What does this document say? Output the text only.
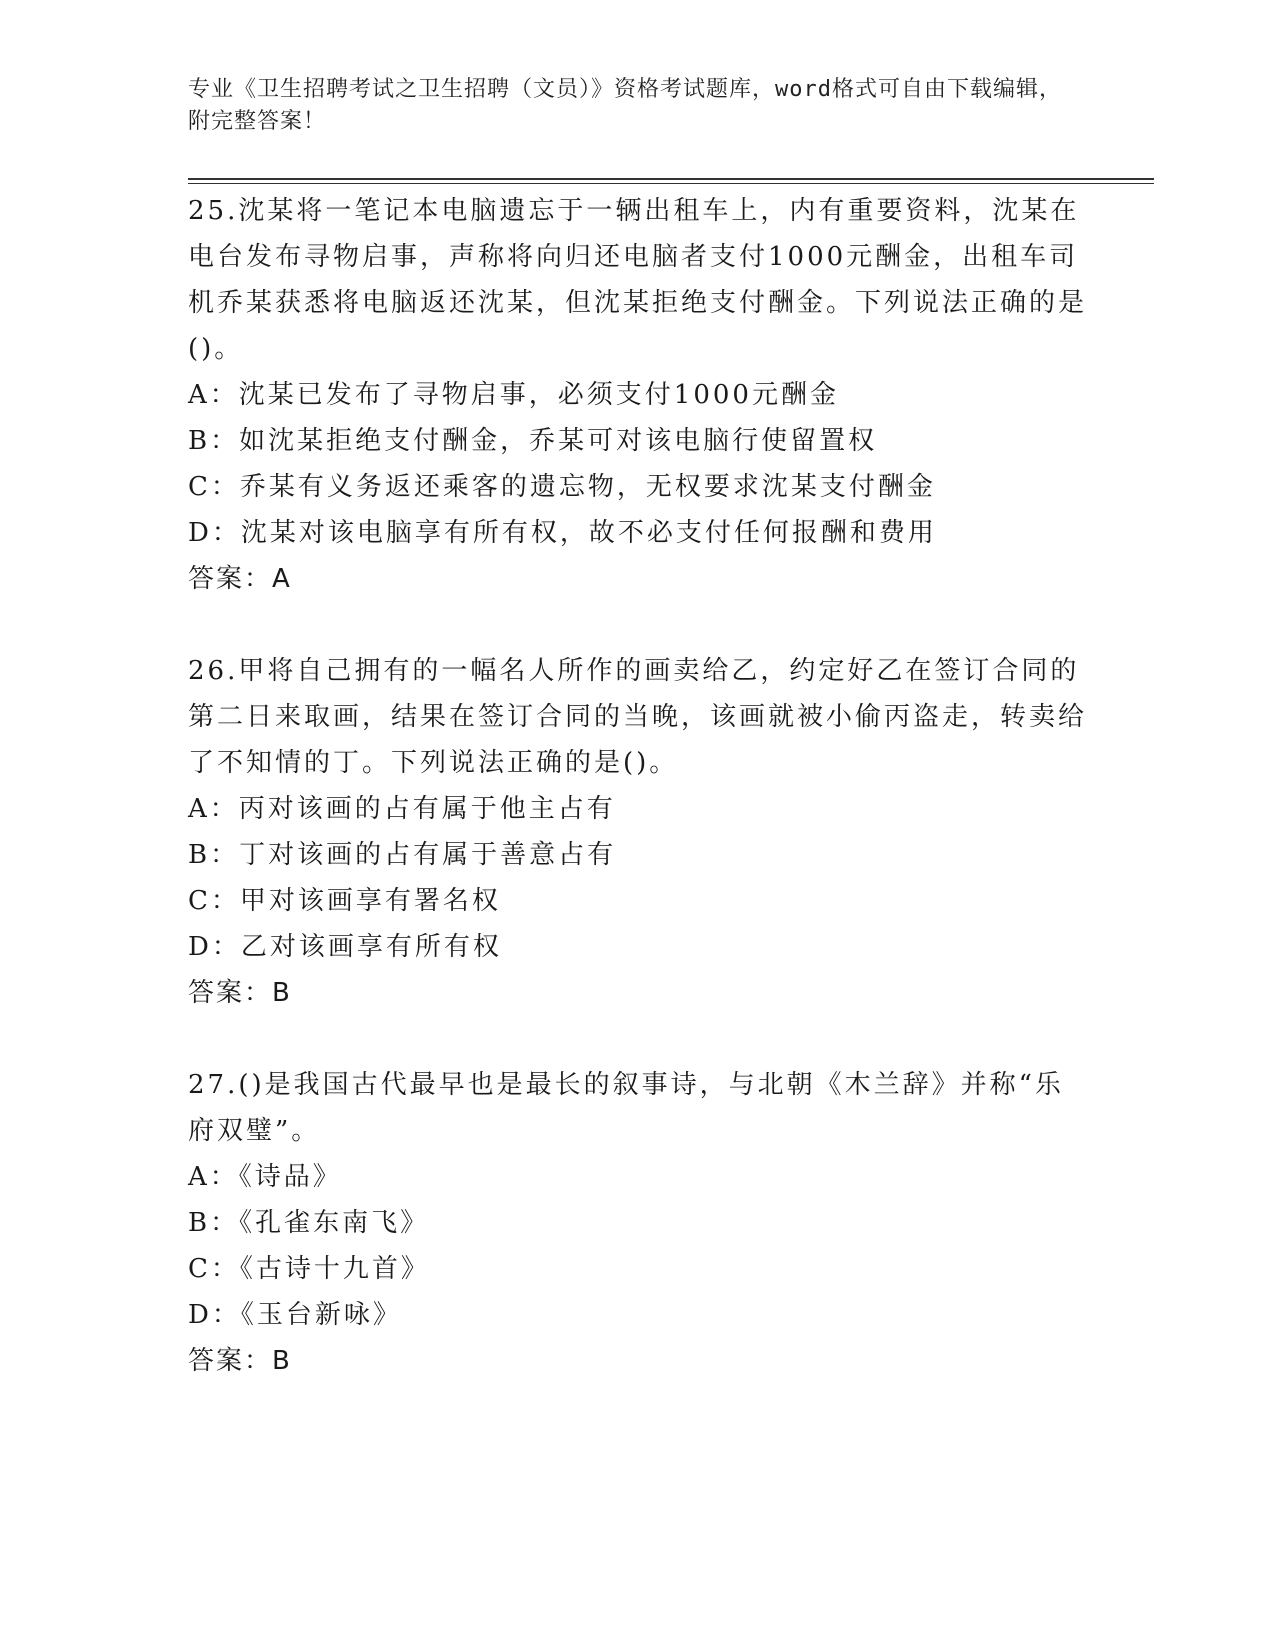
专业《卫生招聘考试之卫生招聘（文员）》资格考试题库，word格式可自由下载编辑，附完整答案！

25.沈某将一笔记本电脑遗忘于一辆出租车上，内有重要资料，沈某在电台发布寻物启事，声称将向归还电脑者支付1000元酬金，出租车司机乔某获悉将电脑返还沈某，但沈某拒绝支付酬金。下列说法正确的是()。

A：沈某已发布了寻物启事，必须支付1000元酬金

B：如沈某拒绝支付酬金，乔某可对该电脑行使留置权

C：乔某有义务返还乘客的遗忘物，无权要求沈某支付酬金

D：沈某对该电脑享有所有权，故不必支付任何报酬和费用

答案：A

26.甲将自己拥有的一幅名人所作的画卖给乙，约定好乙在签订合同的第二日来取画，结果在签订合同的当晚，该画就被小偷丙盗走，转卖给了不知情的丁。下列说法正确的是()。

A：丙对该画的占有属于他主占有

B：丁对该画的占有属于善意占有

C：甲对该画享有署名权

D：乙对该画享有所有权

答案：B

27.()是我国古代最早也是最长的叙事诗，与北朝《木兰辞》并称“乐府双璧”。

A：《诗品》

B：《孔雀东南飞》

C：《古诗十九首》

D：《玉台新咏》

答案：B
